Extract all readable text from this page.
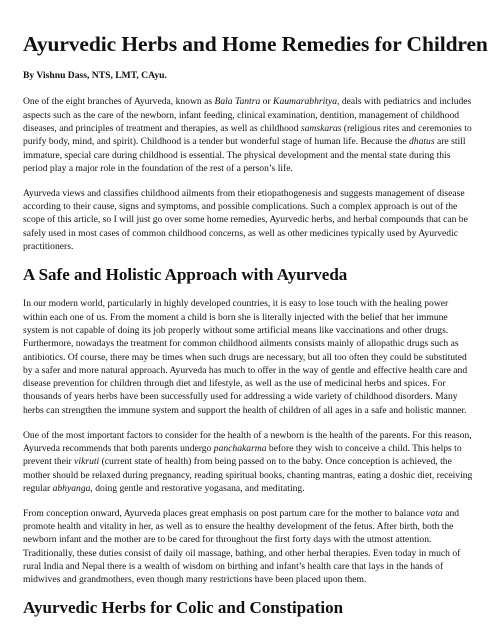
Ayurvedic Herbs and Home Remedies for Children
By Vishnu Dass, NTS, LMT, CAyu.

One of the eight branches of Ayurveda, known as Bala Tantra or Kaumarabhritya, deals with pediatrics and includes aspects such as the care of the newborn, infant feeding, clinical examination, dentition, management of childhood diseases, and principles of treatment and therapies, as well as childhood samskaras (religious rites and ceremonies to purify body, mind, and spirit). Childhood is a tender but wonderful stage of human life. Because the dhatus are still immature, special care during childhood is essential. The physical development and the mental state during this period play a major role in the foundation of the rest of a person’s life.

Ayurveda views and classifies childhood ailments from their etiopathogenesis and suggests management of disease according to their cause, signs and symptoms, and possible complications. Such a complex approach is out of the scope of this article, so I will just go over some home remedies, Ayurvedic herbs, and herbal compounds that can be safely used in most cases of common childhood concerns, as well as other medicines typically used by Ayurvedic practitioners.

A Safe and Holistic Approach with Ayurveda

In our modern world, particularly in highly developed countries, it is easy to lose touch with the healing power within each one of us. From the moment a child is born she is literally injected with the belief that her immune system is not capable of doing its job properly without some artificial means like vaccinations and other drugs. Furthermore, nowadays the treatment for common childhood ailments consists mainly of allopathic drugs such as antibiotics. Of course, there may be times when such drugs are necessary, but all too often they could be substituted by a safer and more natural approach. Ayurveda has much to offer in the way of gentle and effective health care and disease prevention for children through diet and lifestyle, as well as the use of medicinal herbs and spices. For thousands of years herbs have been successfully used for addressing a wide variety of childhood disorders. Many herbs can strengthen the immune system and support the health of children of all ages in a safe and holistic manner.

One of the most important factors to consider for the health of a newborn is the health of the parents. For this reason, Ayurveda recommends that both parents undergo panchakarma before they wish to conceive a child. This helps to prevent their vikruti (current state of health) from being passed on to the baby. Once conception is achieved, the mother should be relaxed during pregnancy, reading spiritual books, chanting mantras, eating a doshic diet, receiving regular abhyanga, doing gentle and restorative yogasana, and meditating.

From conception onward, Ayurveda places great emphasis on post partum care for the mother to balance vata and promote health and vitality in her, as well as to ensure the healthy development of the fetus. After birth, both the newborn infant and the mother are to be cared for throughout the first forty days with the utmost attention. Traditionally, these duties consist of daily oil massage, bathing, and other herbal therapies. Even today in much of rural India and Nepal there is a wealth of wisdom on birthing and infant’s health care that lays in the hands of midwives and grandmothers, even though many restrictions have been placed upon them.

Ayurvedic Herbs for Colic and Constipation
